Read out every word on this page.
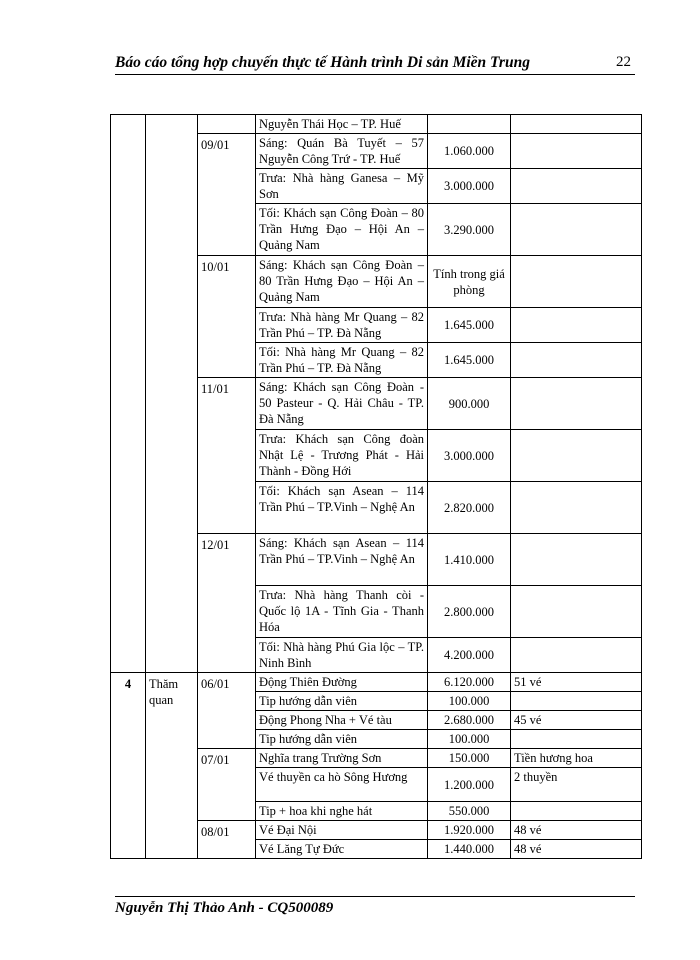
Báo cáo tổng hợp chuyến thực tế Hành trình Di sản Miền Trung	22
			Nguyễn Thái Học – TP. Huế		
		09/01	Sáng: Quán Bà Tuyết – 57 Nguyễn Công Trứ - TP. Huế	1.060.000	
			Trưa: Nhà hàng Ganesa – Mỹ Sơn	3.000.000	
			Tối: Khách sạn Công Đoàn – 80 Trần Hưng Đạo – Hội An – Quảng Nam	3.290.000	
		10/01	Sáng: Khách sạn Công Đoàn – 80 Trần Hưng Đạo – Hội An – Quảng Nam	Tính trong giá phòng	
			Trưa: Nhà hàng Mr Quang – 82 Trần Phú – TP. Đà Nẵng	1.645.000	
			Tối: Nhà hàng Mr Quang – 82 Trần Phú – TP. Đà Nẵng	1.645.000	
		11/01	Sáng: Khách sạn Công Đoàn - 50 Pasteur - Q. Hải Châu - TP. Đà Nẵng	900.000	
			Trưa: Khách sạn Công đoàn Nhật Lệ - Trương Phát - Hải Thành - Đồng Hới	3.000.000	
			Tối: Khách sạn Asean – 114 Trần Phú – TP.Vinh – Nghệ An	2.820.000	
		12/01	Sáng: Khách sạn Asean – 114 Trần Phú – TP.Vinh – Nghệ An	1.410.000	
			Trưa: Nhà hàng Thanh còi - Quốc lộ 1A - Tĩnh Gia - Thanh Hóa	2.800.000	
			Tối: Nhà hàng Phú Gia lộc – TP. Ninh Bình	4.200.000	
4	Thăm quan	06/01	Động Thiên Đường	6.120.000	51 vé
			Tip hướng dẫn viên	100.000	
			Động Phong Nha + Vé tàu	2.680.000	45 vé
			Tip hướng dẫn viên	100.000	
		07/01	Nghĩa trang Trường Sơn	150.000	Tiền hương hoa
			Vé thuyền ca hò Sông Hương	1.200.000	2 thuyền
			Tip + hoa khi nghe hát	550.000	
		08/01	Vé Đại Nội	1.920.000	48 vé
			Vé Lăng Tự Đức	1.440.000	48 vé
Nguyễn Thị Thảo Anh - CQ500089
